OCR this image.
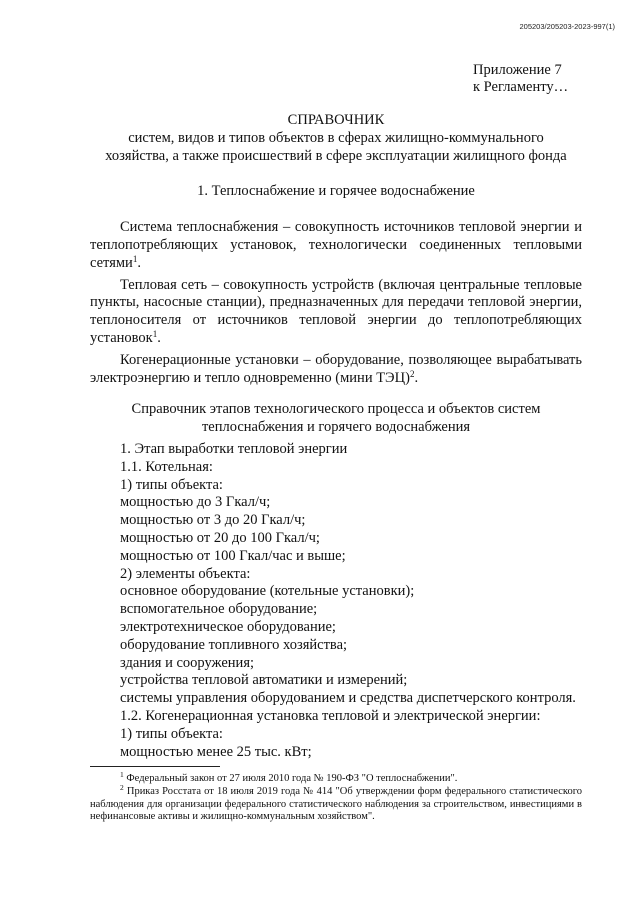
205203/205203-2023-997(1)
Приложение 7
к Регламенту…
СПРАВОЧНИК
систем, видов и типов объектов в сферах жилищно-коммунального
хозяйства, а также происшествий в сфере эксплуатации жилищного фонда
1. Теплоснабжение и горячее водоснабжение

Система теплоснабжения – совокупность источников тепловой энергии и теплопотребляющих установок, технологически соединенных тепловыми сетями$^1$.

Тепловая сеть – совокупность устройств (включая центральные тепловые пункты, насосные станции), предназначенных для передачи тепловой энергии, теплоносителя от источников тепловой энергии до теплопотребляющих установок$^1$.

Когенерационные установки – оборудование, позволяющее вырабатывать электроэнергию и тепло одновременно (мини ТЭЦ)$^2$.

Справочник этапов технологического процесса и объектов систем
теплоснабжения и горячего водоснабжения
1. Этап выработки тепловой энергии
1.1. Котельная:
1) типы объекта:
мощностью до 3 Гкал/ч;
мощностью от 3 до 20 Гкал/ч;
мощностью от 20 до 100 Гкал/ч;
мощностью от 100 Гкал/час и выше;
2) элементы объекта:
основное оборудование (котельные установки);
вспомогательное оборудование;
электротехническое оборудование;
оборудование топливного хозяйства;
здания и сооружения;
устройства тепловой автоматики и измерений;

системы управления оборудованием и средства диспетчерского контроля.

1.2. Когенерационная установка тепловой и электрической энергии:
1) типы объекта:
мощностью менее 25 тыс. кВт;

$^1$ Федеральный закон от 27 июля 2010 года № 190-ФЗ "О теплоснабжении".

$^2$ Приказ Росстата от 18 июля 2019 года № 414 "Об утверждении форм федерального статистического наблюдения для организации федерального статистического наблюдения за строительством, инвестициями в нефинансовые активы и жилищно-коммунальным хозяйством".
